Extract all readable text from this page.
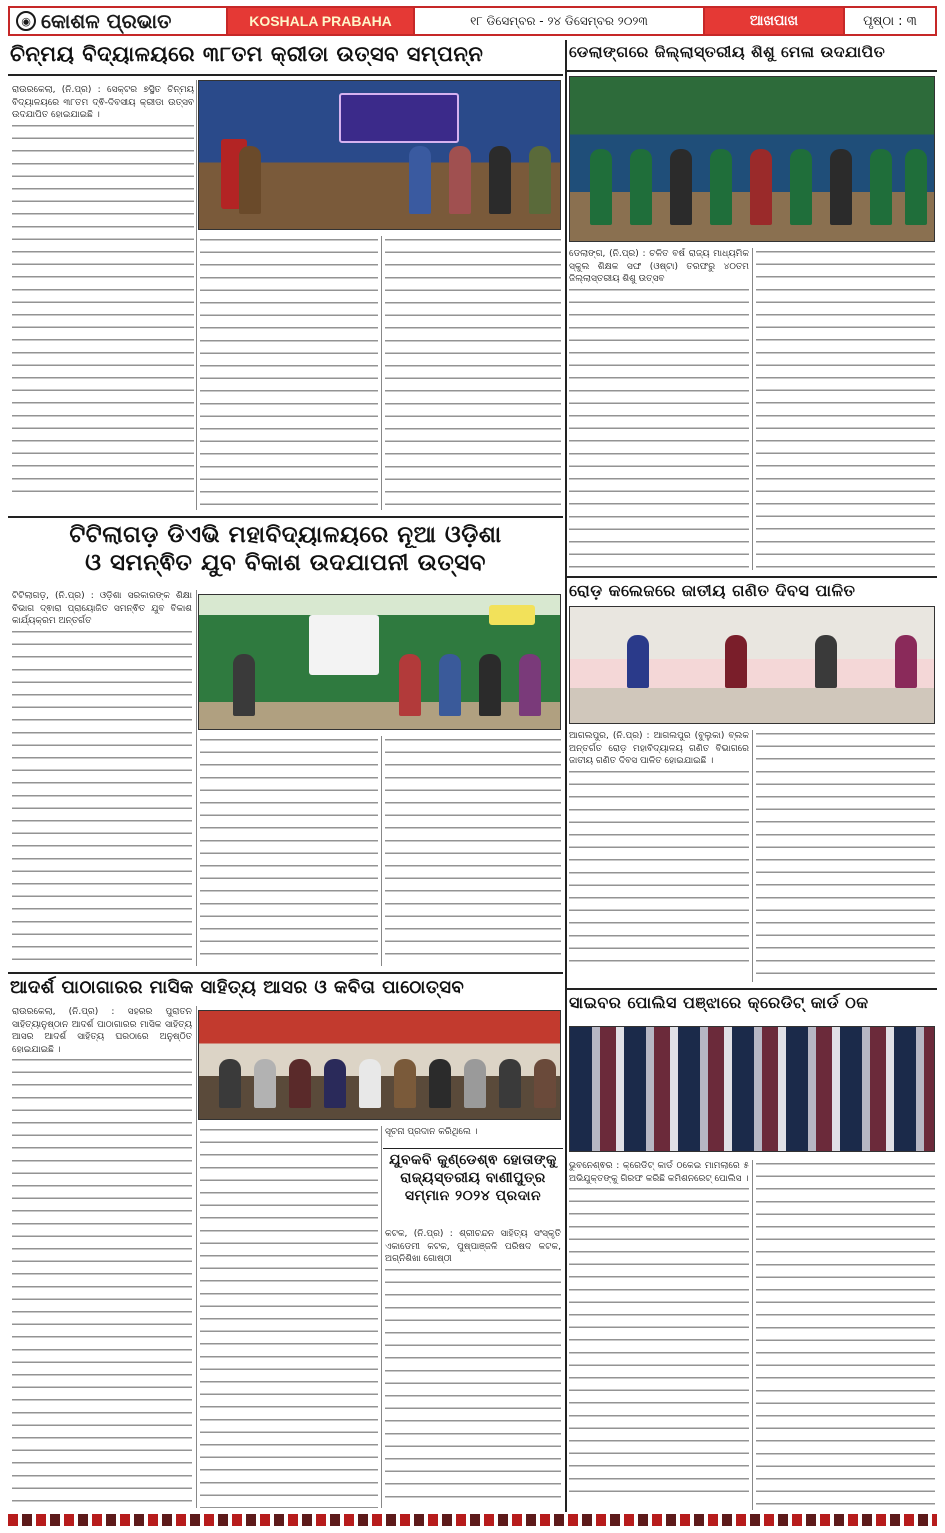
◉ କୋଶଳ ପ୍ରଭାତ	KOSHALA PRABAHA	୧୮ ଡିସେମ୍ବର - ୨୪ ଡିସେମ୍ବର ୨୦୨୩	ଆଖପାଖ	ପୃଷ୍ଠା : ୩
ଚିନ୍ମୟ ବିଦ୍ୟାଳୟରେ ୩୮ତମ କ୍ରୀଡା ଉତ୍ସବ ସମ୍ପନ୍ନ

ରାଉରକେଲା, (ନି.ପ୍ର) : ସେକ୍ଟର ୭ସ୍ଥିତ ଚିନ୍ମୟ ବିଦ୍ୟାଳୟରେ ୩୮ତମ ଦ୍ଵି-ଦିବସୀୟ କ୍ରୀଡା ଉତ୍ସବ ଉଦଯାପିତ ହୋଇଯାଇଛି ।

ଡେଲାଙ୍ଗରେ ଜିଲ୍ଲାସ୍ତରୀୟ ଶିଶୁ ମେଳା ଉଦଯାପିତ

ଡେଲାଙ୍ଗ, (ନି.ପ୍ର) : ଚଳିତ ବର୍ଷ ରାଜ୍ୟ ମାଧ୍ୟମିକ ସ୍କୁଲ ଶିକ୍ଷକ ସଙ୍ଘ (ଓଷ୍ଟା) ତରଫରୁ ୪୦ତମ ଜିଲ୍ଲାସ୍ତରୀୟ ଶିଶୁ ଉତ୍ସବ

ଟିଟିଲାଗଡ଼ ଡିଏଭି ମହାବିଦ୍ୟାଳୟରେ ନୂଆ ଓଡ଼ିଶା
ଓ ସମନ୍ଵିତ ଯୁବ ବିକାଶ ଉଦଯାପନୀ ଉତ୍ସବ

ଟିଟିଲାଗଡ଼, (ନି.ପ୍ର) : ଓଡ଼ିଶା ସରକାରଙ୍କ ଶିକ୍ଷା ବିଭାଗ ଦ୍ଵାରା ପ୍ରାୟୋଜିତ ସମନ୍ଵିତ ଯୁବ ବିକାଶ କାର୍ଯ୍ୟକ୍ରମ ଅନ୍ତର୍ଗତ

ରୋଡ଼ କଲେଜରେ ଜାତୀୟ ଗଣିତ ଦିବସ ପାଳିତ

ଆଗଲପୁର, (ନି.ପ୍ର) : ଆଗଲପୁର (ବୁଲୁକା) ବ୍ଲକ ଅନ୍ତର୍ଗତ ରୋଡ଼ ମହାବିଦ୍ୟାଳୟ ଗଣିତ ବିଭାଗରେ ଜାତୀୟ ଗଣିତ ଦିବସ ପାଳିତ ହୋଇଯାଇଛି ।

ଆଦର୍ଶ ପାଠାଗାରର ମାସିକ ସାହିତ୍ୟ ଆସର ଓ କବିତା ପାଠୋତ୍ସବ

ରାଉରକେଲା, (ନି.ପ୍ର) : ସହରର ପୁରାତନ ସାହିତ୍ୟାନୁଷ୍ଠାନ ଆଦର୍ଶ ପାଠାଗାରର ମାସିକ ସାହିତ୍ୟ ଆସର ଆଦର୍ଶ ସାହିତ୍ୟ ଘରଠାରେ ଅନୁଷ୍ଠିତ ହୋଇଯାଇଛି ।

ସୂଚନା ପ୍ରଦାନ କରିଥିଲେ ।

ଯୁବକବି କୁଣ୍ଡେଶ୍ଵ ହୋତାଙ୍କୁ
ରାଜ୍ୟସ୍ତରୀୟ ବାଣୀପୁତ୍ର
ସମ୍ମାନ ୨୦୨୪ ପ୍ରଦାନ

କଟକ, (ନି.ପ୍ର) : ଶ୍ରୀଚନ୍ଦନ ସାହିତ୍ୟ ସଂସ୍କୃତି ଏକାଡେମୀ କଟକ, ପୁଷ୍ପାଞ୍ଜଳି ପରିଷଦ କଟକ, ଅଗ୍ନିଶିଖା ଗୋଷ୍ଠୀ

ସାଇବର ପୋଲିସ ପଞ୍ଝାରେ କ୍ରେଡିଟ୍ କାର୍ଡ ଠକ

ଭୁବନେଶ୍ଵର : କ୍ରେଡିଟ୍ କାର୍ଡ ଠକେଇ ମାମଲାରେ ୫ ଅଭିଯୁକ୍ତଙ୍କୁ ଗିରଫ କରିଛି କମିଶନରେଟ୍ ପୋଲିସ ।
